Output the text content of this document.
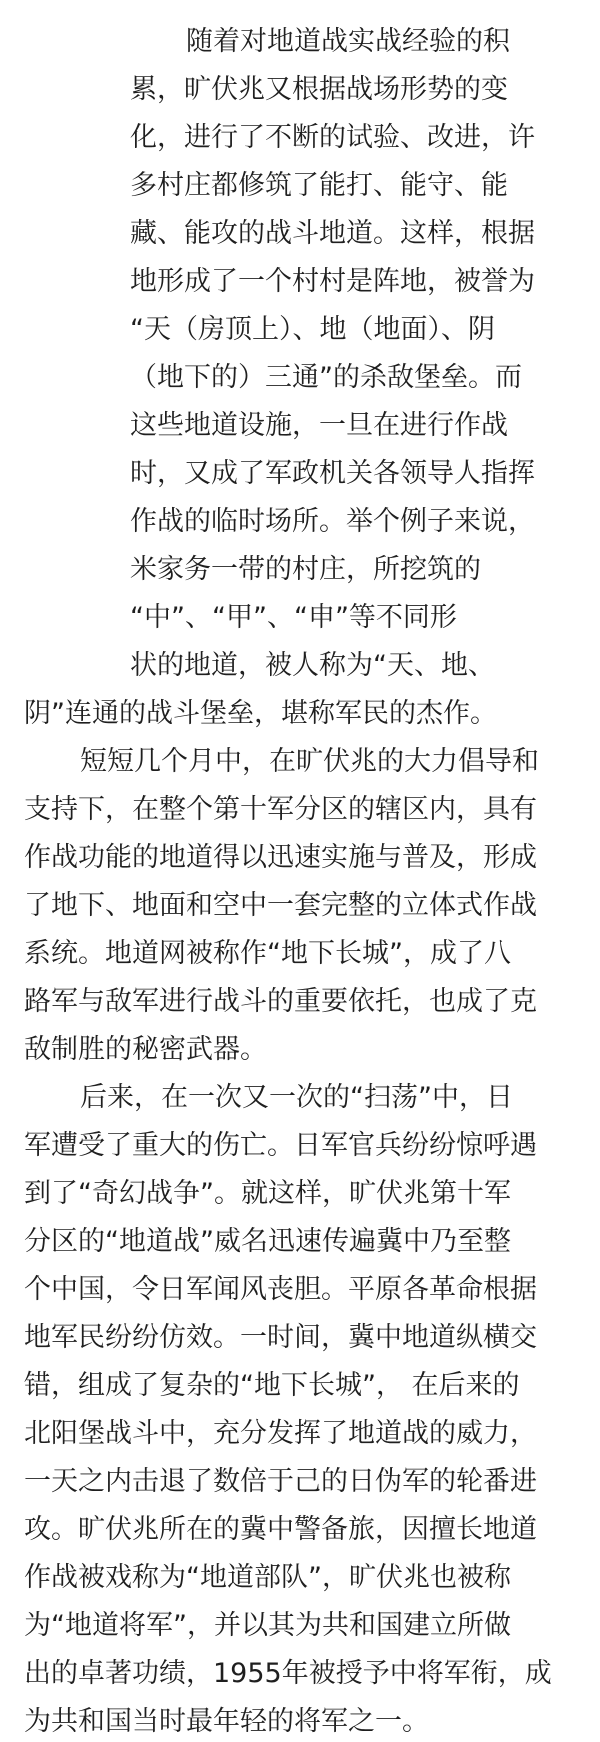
随着对地道战实战经验的积
累，旷伏兆又根据战场形势的变
化，进行了不断的试验、改进，许
多村庄都修筑了能打、能守、能
藏、能攻的战斗地道。这样，根据
地形成了一个村村是阵地，被誉为
“天（房顶上）、地（地面）、阴
（地下的）三通”的杀敌堡垒。而
这些地道设施，一旦在进行作战
时，又成了军政机关各领导人指挥
作战的临时场所。举个例子来说，
米家务一带的村庄，所挖筑的
“中”、“甲”、“申”等不同形
状的地道，被人称为“天、地、
阴”连通的战斗堡垒，堪称军民的杰作。
短短几个月中，在旷伏兆的大力倡导和
支持下，在整个第十军分区的辖区内，具有
作战功能的地道得以迅速实施与普及，形成
了地下、地面和空中一套完整的立体式作战
系统。地道网被称作“地下长城”，成了八
路军与敌军进行战斗的重要依托，也成了克
敌制胜的秘密武器。
后来，在一次又一次的“扫荡”中，日
军遭受了重大的伤亡。日军官兵纷纷惊呼遇
到了“奇幻战争”。就这样，旷伏兆第十军
分区的“地道战”威名迅速传遍冀中乃至整
个中国，令日军闻风丧胆。平原各革命根据
地军民纷纷仿效。一时间，冀中地道纵横交
错，组成了复杂的“地下长城”， 在后来的
北阳堡战斗中，充分发挥了地道战的威力，
一天之内击退了数倍于己的日伪军的轮番进
攻。旷伏兆所在的冀中警备旅，因擅长地道
作战被戏称为“地道部队”，旷伏兆也被称
为“地道将军”，并以其为共和国建立所做
出的卓著功绩，1955年被授予中将军衔，成
为共和国当时最年轻的将军之一。
